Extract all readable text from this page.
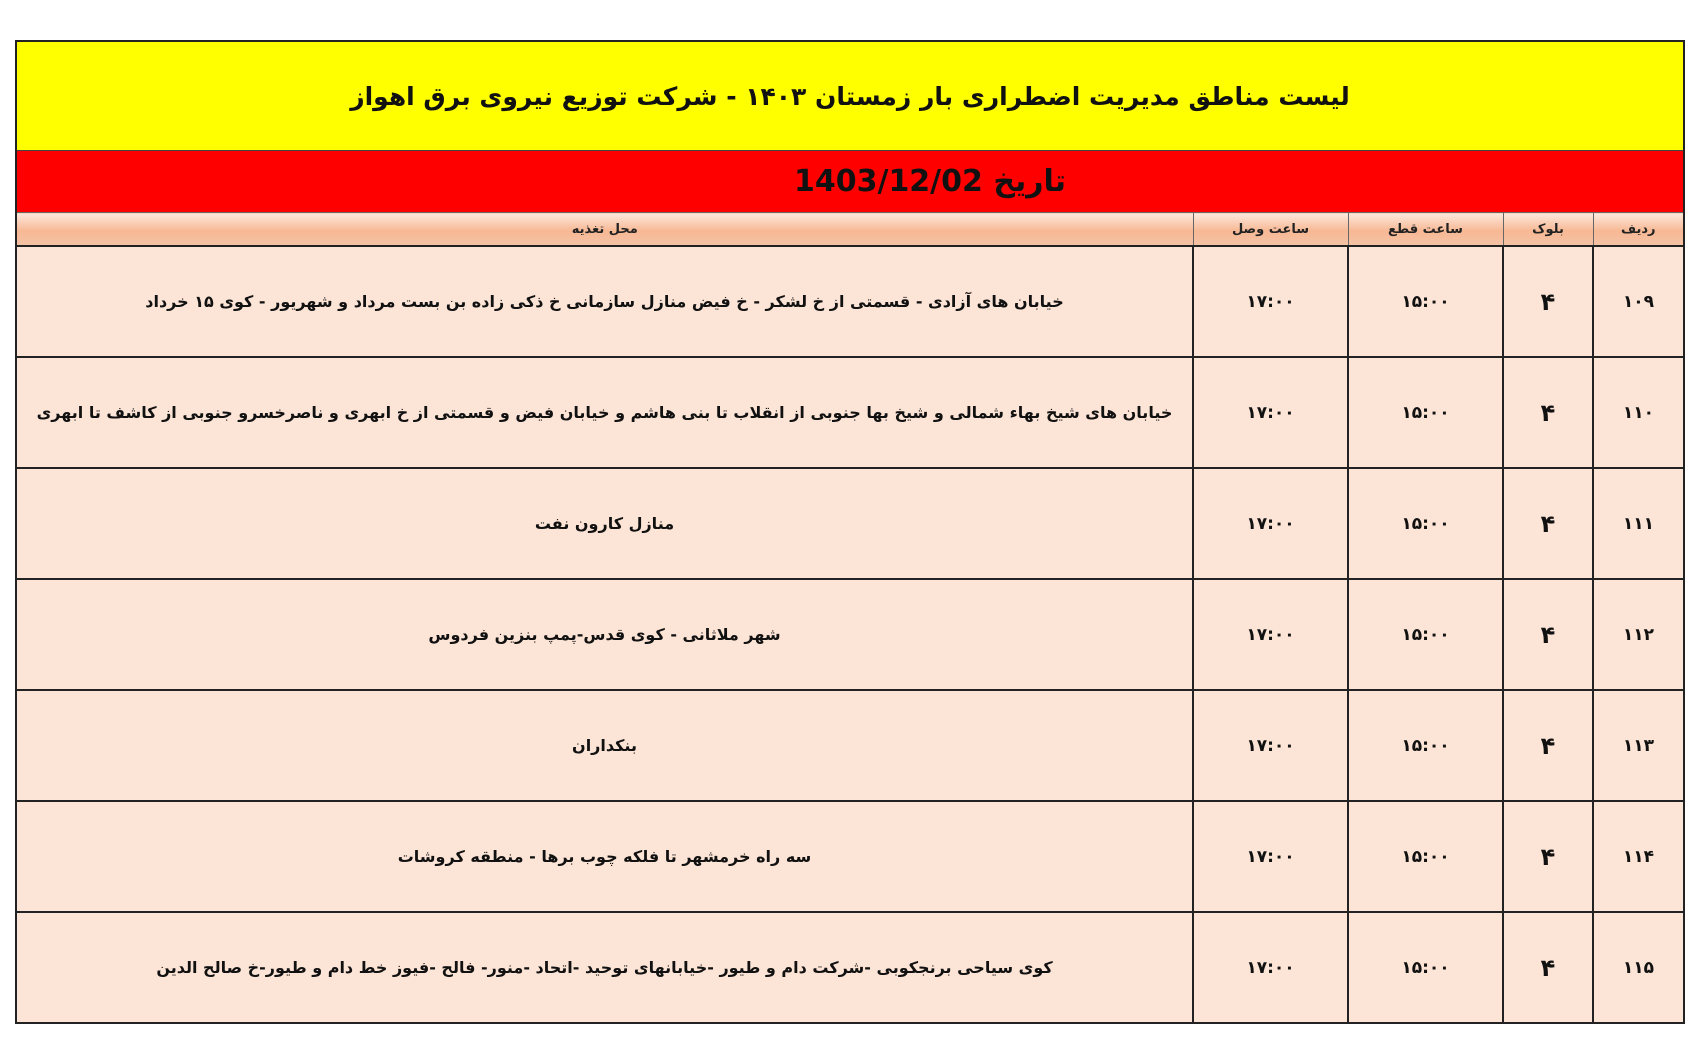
لیست مناطق مدیریت اضطراری بار زمستان ۱۴۰۳ - شرکت توزیع نیروی برق اهواز
تاریخ 1403/12/02
ردیف	بلوک	ساعت قطع	ساعت وصل	محل تغذیه
۱۰۹	۴	۱۵:۰۰	۱۷:۰۰	خیابان های آزادی - قسمتی از خ لشکر - خ فیض منازل سازمانی خ ذکی زاده بن بست مرداد و شهریور - کوی ۱۵ خرداد
۱۱۰	۴	۱۵:۰۰	۱۷:۰۰	خیابان های شیخ بهاء شمالی و شیخ بها جنوبی از انقلاب تا بنی هاشم و خیابان فیض و قسمتی از خ ابهری و ناصرخسرو جنوبی از کاشف تا ابهری
۱۱۱	۴	۱۵:۰۰	۱۷:۰۰	منازل کارون نفت
۱۱۲	۴	۱۵:۰۰	۱۷:۰۰	شهر ملاثانی - کوی قدس-پمپ بنزین فردوس
۱۱۳	۴	۱۵:۰۰	۱۷:۰۰	بنکداران
۱۱۴	۴	۱۵:۰۰	۱۷:۰۰	سه راه خرمشهر تا فلکه چوب برها - منطقه کروشات
۱۱۵	۴	۱۵:۰۰	۱۷:۰۰	کوی سیاحی برنجکوبی -شرکت دام و طیور -خیابانهای توحید -اتحاد -منور- فالح -فیوز خط دام و طیور-خ صالح الدین
